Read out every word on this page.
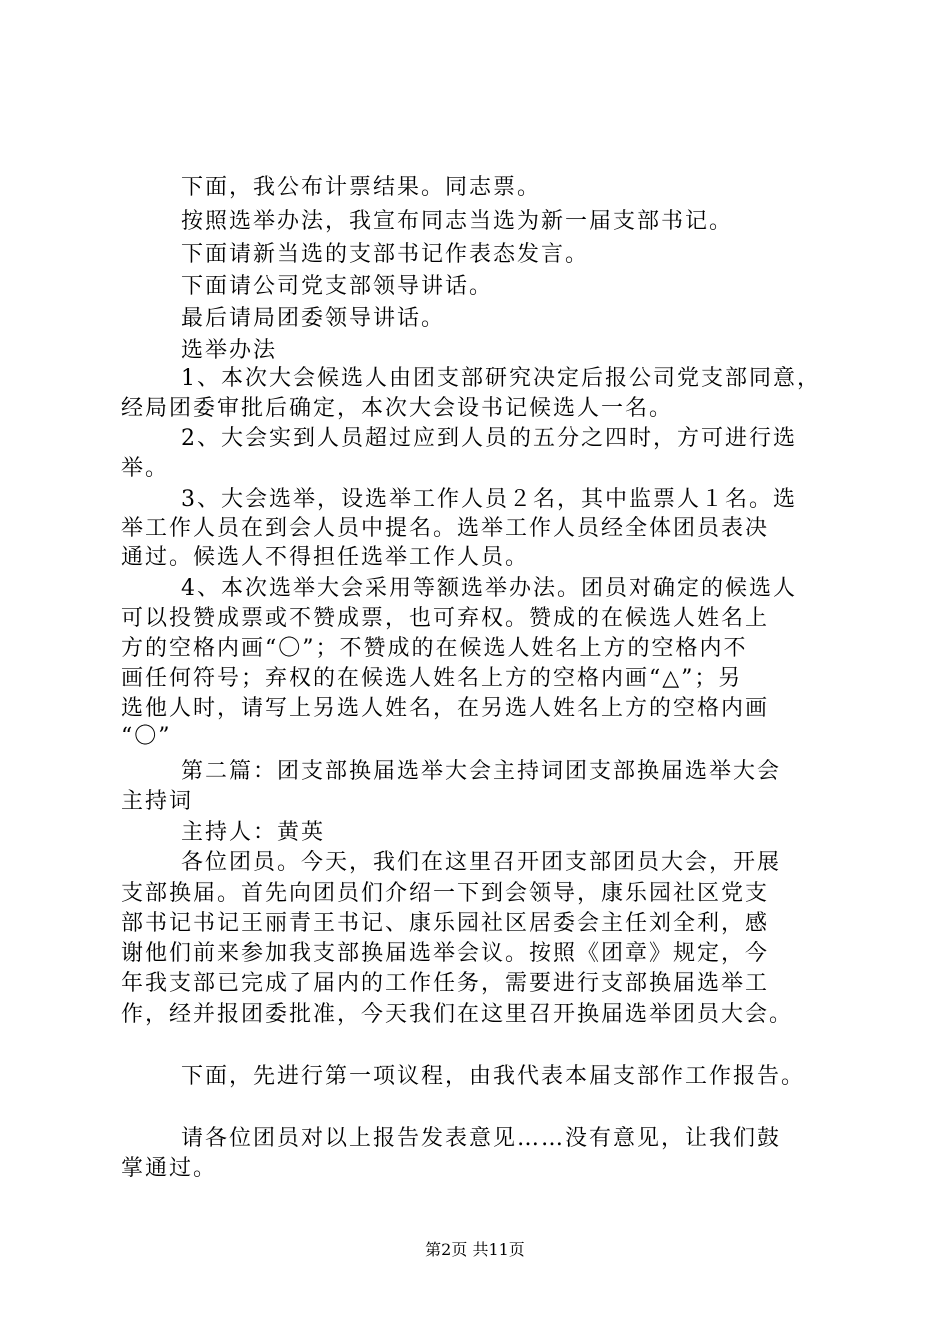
下面，我公布计票结果。同志票。
按照选举办法，我宣布同志当选为新一届支部书记。
下面请新当选的支部书记作表态发言。
下面请公司党支部领导讲话。
最后请局团委领导讲话。
选举办法
1、本次大会候选人由团支部研究决定后报公司党支部同意，
经局团委审批后确定，本次大会设书记候选人一名。
2、大会实到人员超过应到人员的五分之四时，方可进行选
举。
3、大会选举，设选举工作人员２名，其中监票人１名。选
举工作人员在到会人员中提名。选举工作人员经全体团员表决
通过。候选人不得担任选举工作人员。
4、本次选举大会采用等额选举办法。团员对确定的候选人
可以投赞成票或不赞成票，也可弃权。赞成的在候选人姓名上
方的空格内画“〇”；不赞成的在候选人姓名上方的空格内不
画任何符号；弃权的在候选人姓名上方的空格内画“△”；另
选他人时，请写上另选人姓名，在另选人姓名上方的空格内画
“〇”
第二篇：团支部换届选举大会主持词团支部换届选举大会
主持词
主持人：黄英
各位团员。今天，我们在这里召开团支部团员大会，开展
支部换届。首先向团员们介绍一下到会领导，康乐园社区党支
部书记书记王丽青王书记、康乐园社区居委会主任刘全利，感
谢他们前来参加我支部换届选举会议。按照《团章》规定，今
年我支部已完成了届内的工作任务，需要进行支部换届选举工
作，经并报团委批准，今天我们在这里召开换届选举团员大会。
下面，先进行第一项议程，由我代表本届支部作工作报告。
请各位团员对以上报告发表意见……没有意见，让我们鼓
掌通过。
第2页 共11页
